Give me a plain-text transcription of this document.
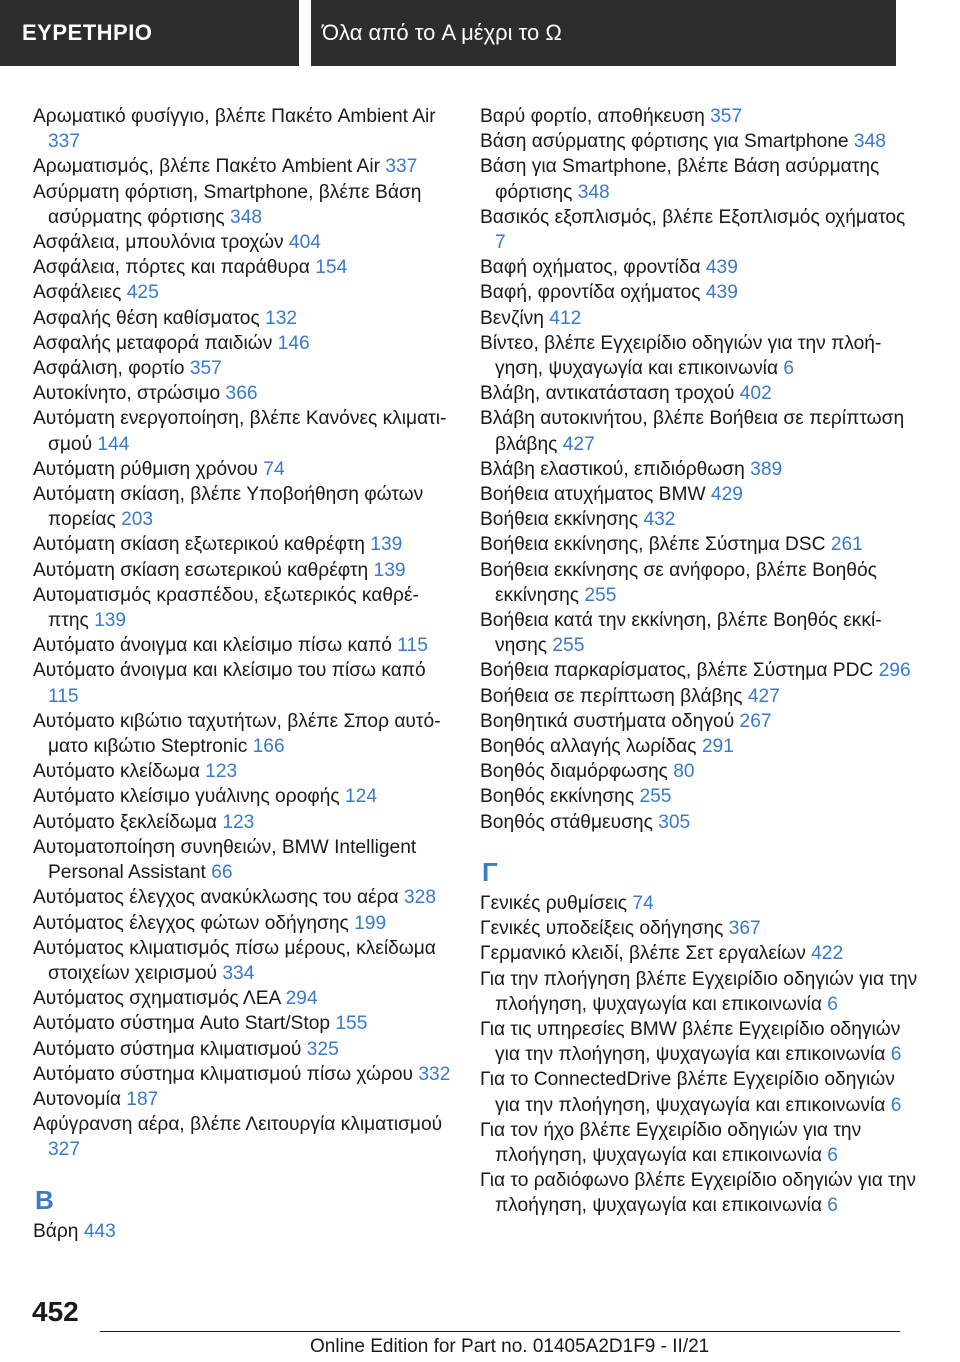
ΕΥΡΕΤΗΡΙΟ	Όλα από το A μέχρι το Ω
Αρωματικό φυσίγγιο, βλέπε Πακέτο Ambient Air 337
Αρωματισμός, βλέπε Πακέτο Ambient Air 337
Ασύρματη φόρτιση, Smartphone, βλέπε Βάση ασύρματης φόρτισης 348
Ασφάλεια, μπουλόνια τροχών 404
Ασφάλεια, πόρτες και παράθυρα 154
Ασφάλειες 425
Ασφαλής θέση καθίσματος 132
Ασφαλής μεταφορά παιδιών 146
Ασφάλιση, φορτίο 357
Αυτοκίνητο, στρώσιμο 366
Αυτόματη ενεργοποίηση, βλέπε Κανόνες κλιματισμού 144
Αυτόματη ρύθμιση χρόνου 74
Αυτόματη σκίαση, βλέπε Υποβοήθηση φώτων πορείας 203
Αυτόματη σκίαση εξωτερικού καθρέφτη 139
Αυτόματη σκίαση εσωτερικού καθρέφτη 139
Αυτοματισμός κρασπέδου, εξωτερικός καθρέπτης 139
Αυτόματο άνοιγμα και κλείσιμο πίσω καπό 115
Αυτόματο άνοιγμα και κλείσιμο του πίσω καπό 115
Αυτόματο κιβώτιο ταχυτήτων, βλέπε Σπορ αυτόματο κιβώτιο Steptronic 166
Αυτόματο κλείδωμα 123
Αυτόματο κλείσιμο γυάλινης οροφής 124
Αυτόματο ξεκλείδωμα 123
Αυτοματοποίηση συνηθειών, BMW Intelligent Personal Assistant 66
Αυτόματος έλεγχος ανακύκλωσης του αέρα 328
Αυτόματος έλεγχος φώτων οδήγησης 199
Αυτόματος κλιματισμός πίσω μέρους, κλείδωμα στοιχείων χειρισμού 334
Αυτόματος σχηματισμός ΛΕΑ 294
Αυτόματο σύστημα Auto Start/Stop 155
Αυτόματο σύστημα κλιματισμού 325
Αυτόματο σύστημα κλιματισμού πίσω χώρου 332
Αυτονομία 187
Αφύγρανση αέρα, βλέπε Λειτουργία κλιματισμού 327
Β
Βάρη 443
Βαρύ φορτίο, αποθήκευση 357
Βάση ασύρματης φόρτισης για Smartphone 348
Βάση για Smartphone, βλέπε Βάση ασύρματης φόρτισης 348
Βασικός εξοπλισμός, βλέπε Εξοπλισμός οχήματος 7
Βαφή οχήματος, φροντίδα 439
Βαφή, φροντίδα οχήματος 439
Βενζίνη 412
Βίντεο, βλέπε Εγχειρίδιο οδηγιών για την πλοήγηση, ψυχαγωγία και επικοινωνία 6
Βλάβη, αντικατάσταση τροχού 402
Βλάβη αυτοκινήτου, βλέπε Βοήθεια σε περίπτωση βλάβης 427
Βλάβη ελαστικού, επιδιόρθωση 389
Βοήθεια ατυχήματος BMW 429
Βοήθεια εκκίνησης 432
Βοήθεια εκκίνησης, βλέπε Σύστημα DSC 261
Βοήθεια εκκίνησης σε ανήφορο, βλέπε Βοηθός εκκίνησης 255
Βοήθεια κατά την εκκίνηση, βλέπε Βοηθός εκκίνησης 255
Βοήθεια παρκαρίσματος, βλέπε Σύστημα PDC 296
Βοήθεια σε περίπτωση βλάβης 427
Βοηθητικά συστήματα οδηγού 267
Βοηθός αλλαγής λωρίδας 291
Βοηθός διαμόρφωσης 80
Βοηθός εκκίνησης 255
Βοηθός στάθμευσης 305
Γ
Γενικές ρυθμίσεις 74
Γενικές υποδείξεις οδήγησης 367
Γερμανικό κλειδί, βλέπε Σετ εργαλείων 422
Για την πλοήγηση βλέπε Εγχειρίδιο οδηγιών για την πλοήγηση, ψυχαγωγία και επικοινωνία 6
Για τις υπηρεσίες BMW βλέπε Εγχειρίδιο οδηγιών για την πλοήγηση, ψυχαγωγία και επικοινωνία 6
Για το ConnectedDrive βλέπε Εγχειρίδιο οδηγιών για την πλοήγηση, ψυχαγωγία και επικοινωνία 6
Για τον ήχο βλέπε Εγχειρίδιο οδηγιών για την πλοήγηση, ψυχαγωγία και επικοινωνία 6
Για το ραδιόφωνο βλέπε Εγχειρίδιο οδηγιών για την πλοήγηση, ψυχαγωγία και επικοινωνία 6
452
Online Edition for Part no. 01405A2D1F9 - II/21
